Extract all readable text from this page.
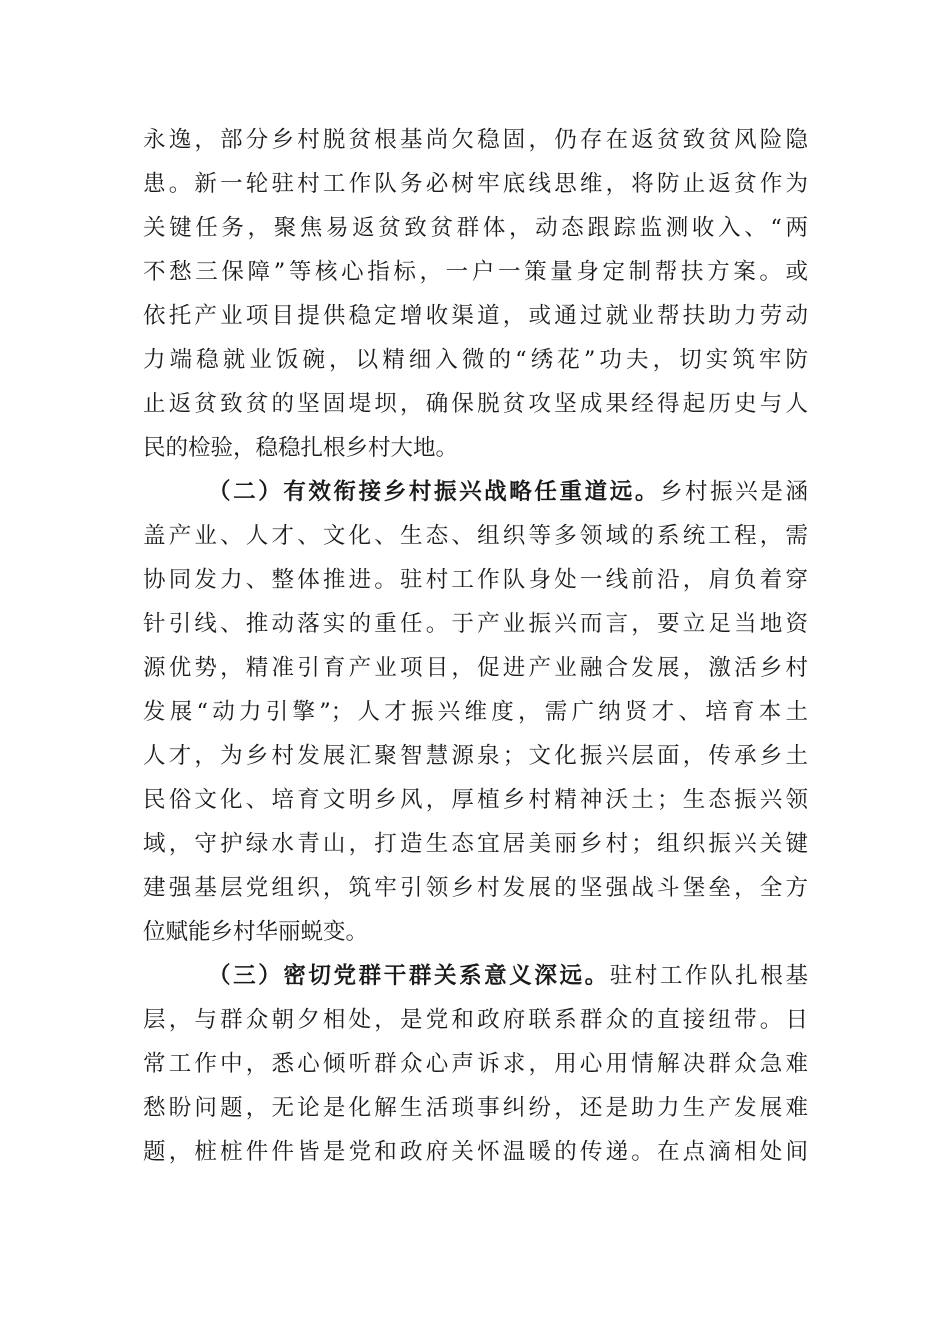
永逸，部分乡村脱贫根基尚欠稳固，仍存在返贫致贫风险隐
患。新一轮驻村工作队务必树牢底线思维，将防止返贫作为
关键任务，聚焦易返贫致贫群体，动态跟踪监测收入、“两
不愁三保障”等核心指标，一户一策量身定制帮扶方案。或
依托产业项目提供稳定增收渠道，或通过就业帮扶助力劳动
力端稳就业饭碗，以精细入微的“绣花”功夫，切实筑牢防
止返贫致贫的坚固堤坝，确保脱贫攻坚成果经得起历史与人
民的检验，稳稳扎根乡村大地。
（二）有效衔接乡村振兴战略任重道远。乡村振兴是涵
盖产业、人才、文化、生态、组织等多领域的系统工程，需
协同发力、整体推进。驻村工作队身处一线前沿，肩负着穿
针引线、推动落实的重任。于产业振兴而言，要立足当地资
源优势，精准引育产业项目，促进产业融合发展，激活乡村
发展“动力引擎”；人才振兴维度，需广纳贤才、培育本土
人才，为乡村发展汇聚智慧源泉；文化振兴层面，传承乡土
民俗文化、培育文明乡风，厚植乡村精神沃土；生态振兴领
域，守护绿水青山，打造生态宜居美丽乡村；组织振兴关键
建强基层党组织，筑牢引领乡村发展的坚强战斗堡垒，全方
位赋能乡村华丽蜕变。
（三）密切党群干群关系意义深远。驻村工作队扎根基
层，与群众朝夕相处，是党和政府联系群众的直接纽带。日
常工作中，悉心倾听群众心声诉求，用心用情解决群众急难
愁盼问题，无论是化解生活琐事纠纷，还是助力生产发展难
题，桩桩件件皆是党和政府关怀温暖的传递。在点滴相处间
